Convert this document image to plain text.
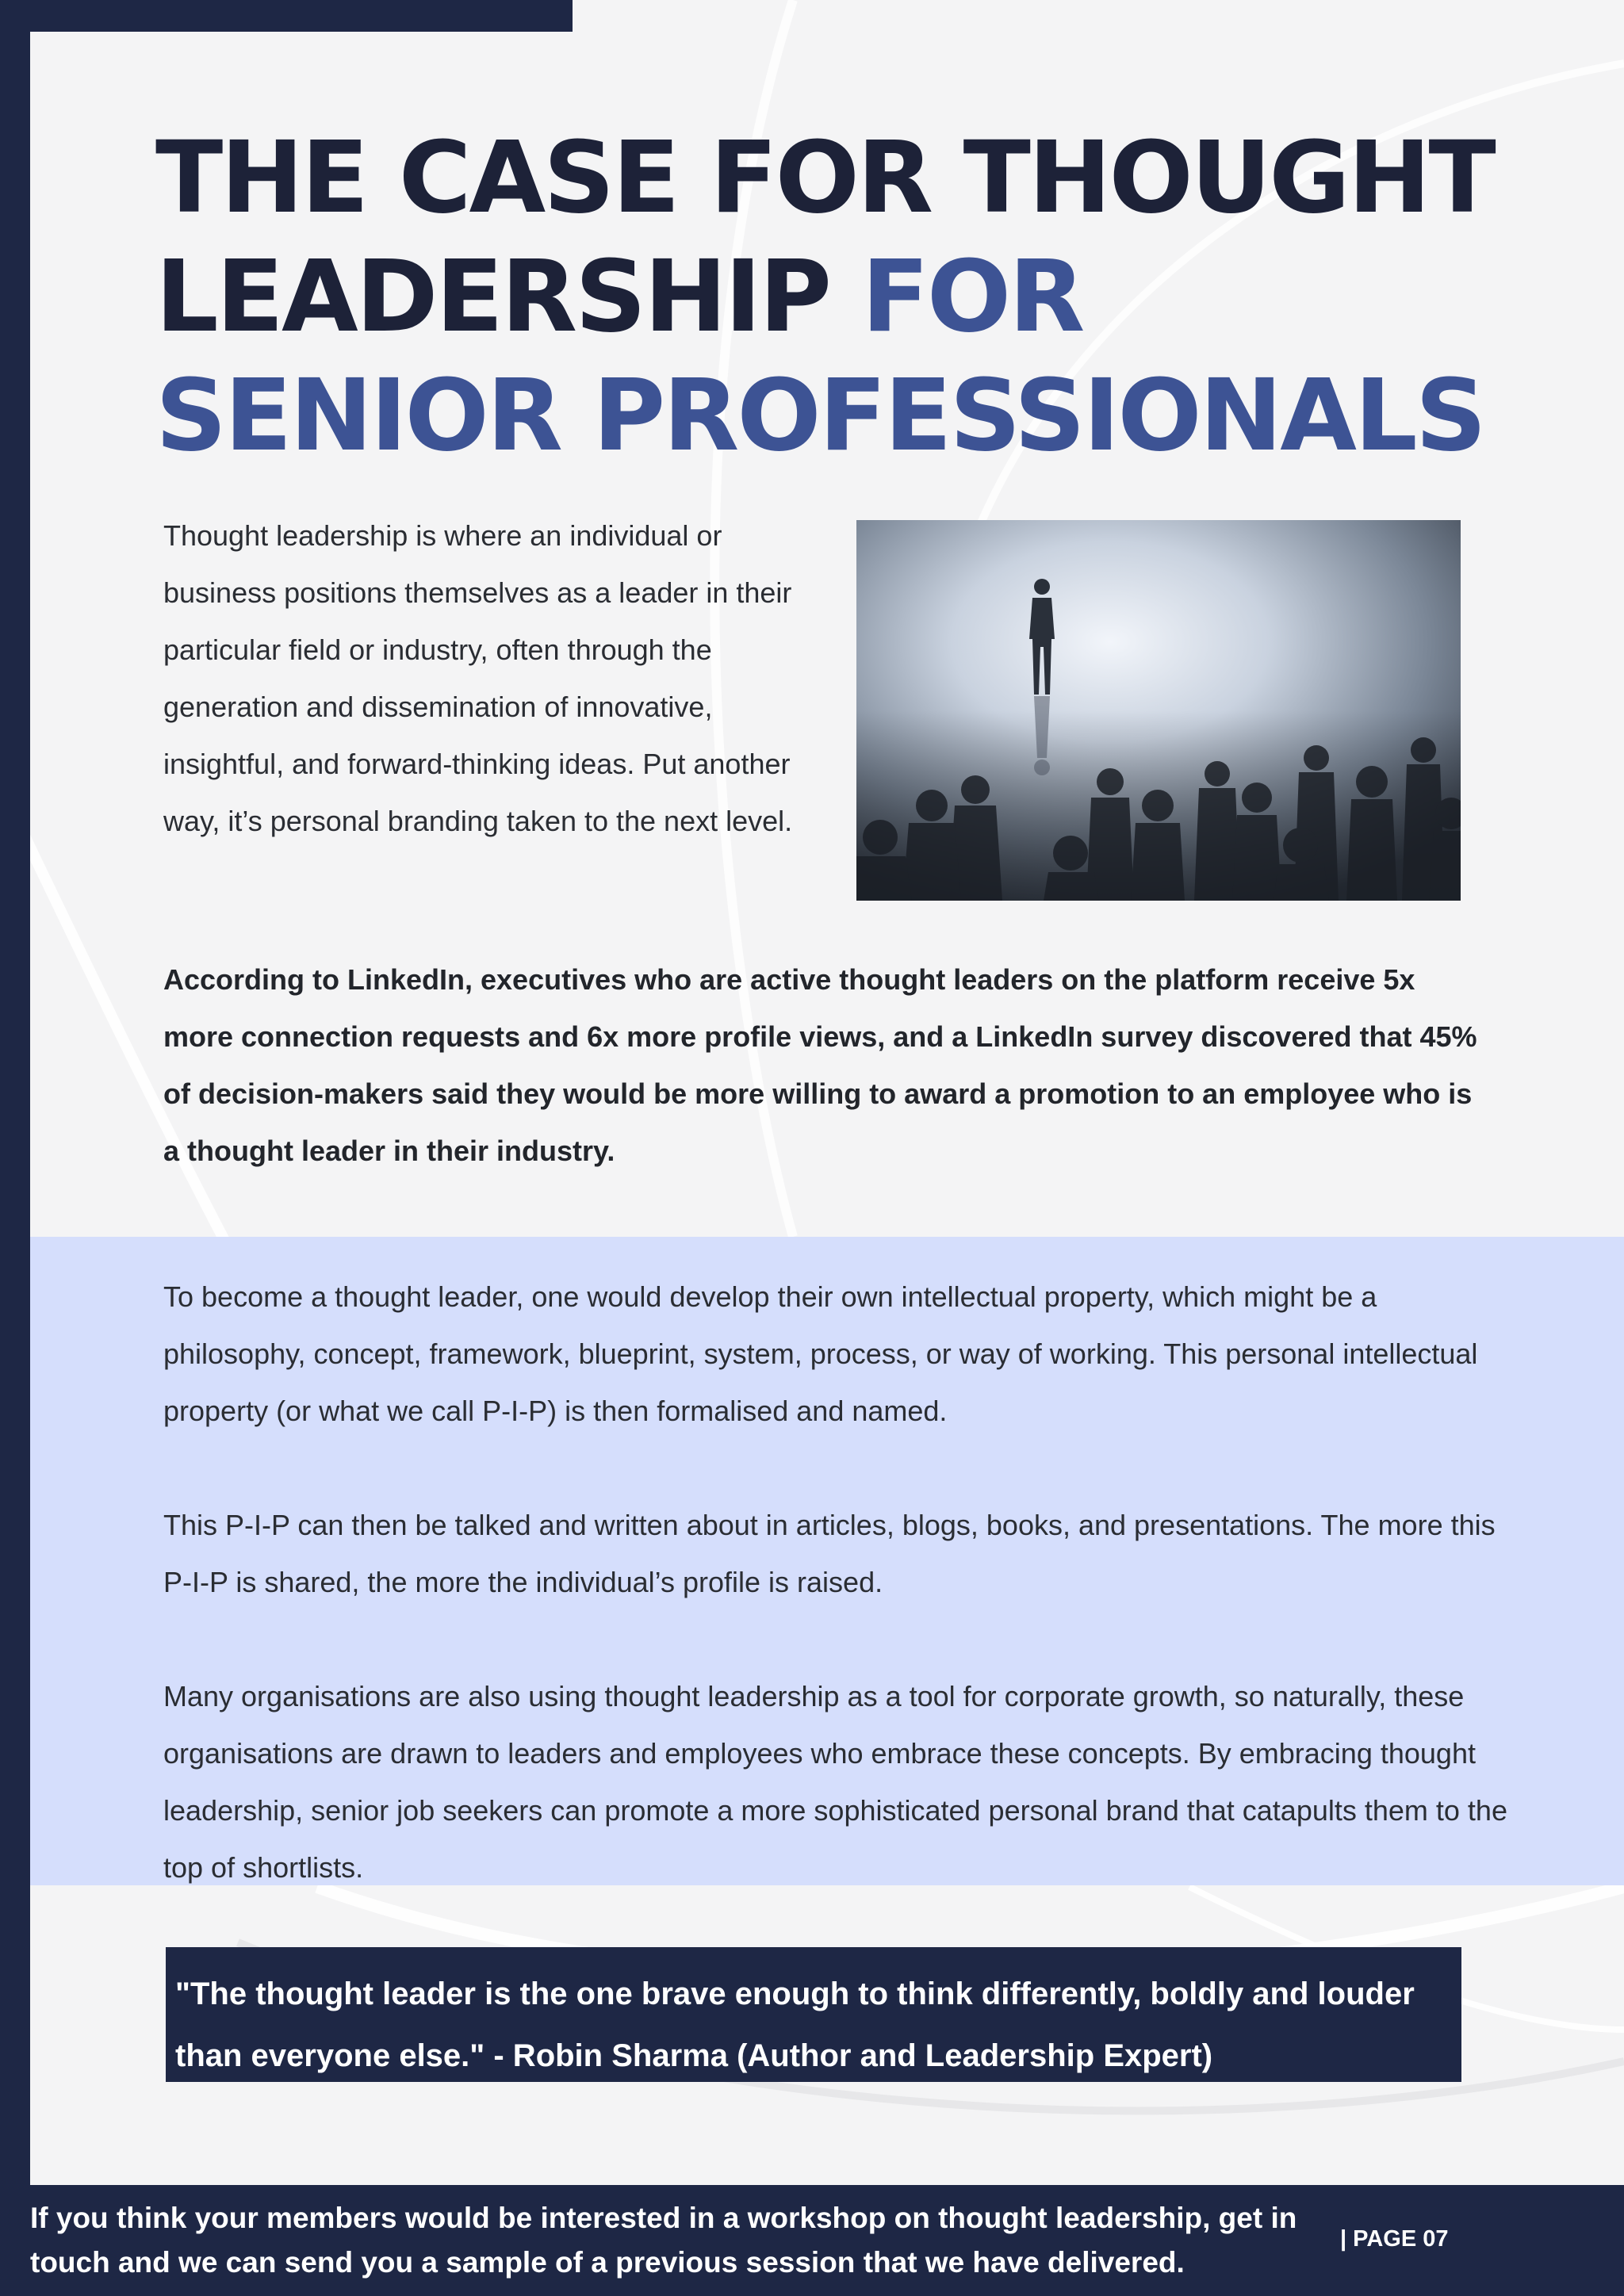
THE CASE FOR THOUGHT LEADERSHIP FOR SENIOR PROFESSIONALS

Thought leadership is where an individual or business positions themselves as a leader in their particular field or industry, often through the generation and dissemination of innovative, insightful, and forward-thinking ideas. Put another way, it’s personal branding taken to the next level.

According to LinkedIn, executives who are active thought leaders on the platform receive 5x more connection requests and 6x more profile views, and a LinkedIn survey discovered that 45% of decision-makers said they would be more willing to award a promotion to an employee who is a thought leader in their industry.

To become a thought leader, one would develop their own intellectual property, which might be a philosophy, concept, framework, blueprint, system, process, or way of working. This personal intellectual property (or what we call P-I-P) is then formalised and named.

This P-I-P can then be talked and written about in articles, blogs, books, and presentations. The more this P-I-P is shared, the more the individual’s profile is raised.

Many organisations are also using thought leadership as a tool for corporate growth, so naturally, these organisations are drawn to leaders and employees who embrace these concepts. By embracing thought leadership, senior job seekers can promote a more sophisticated personal brand that catapults them to the top of shortlists.

"The thought leader is the one brave enough to think differently, boldly and louder than everyone else." - Robin Sharma (Author and Leadership Expert)

If you think your members would be interested in a workshop on thought leadership, get in touch and we can send you a sample of a previous session that we have delivered.

| PAGE 07
